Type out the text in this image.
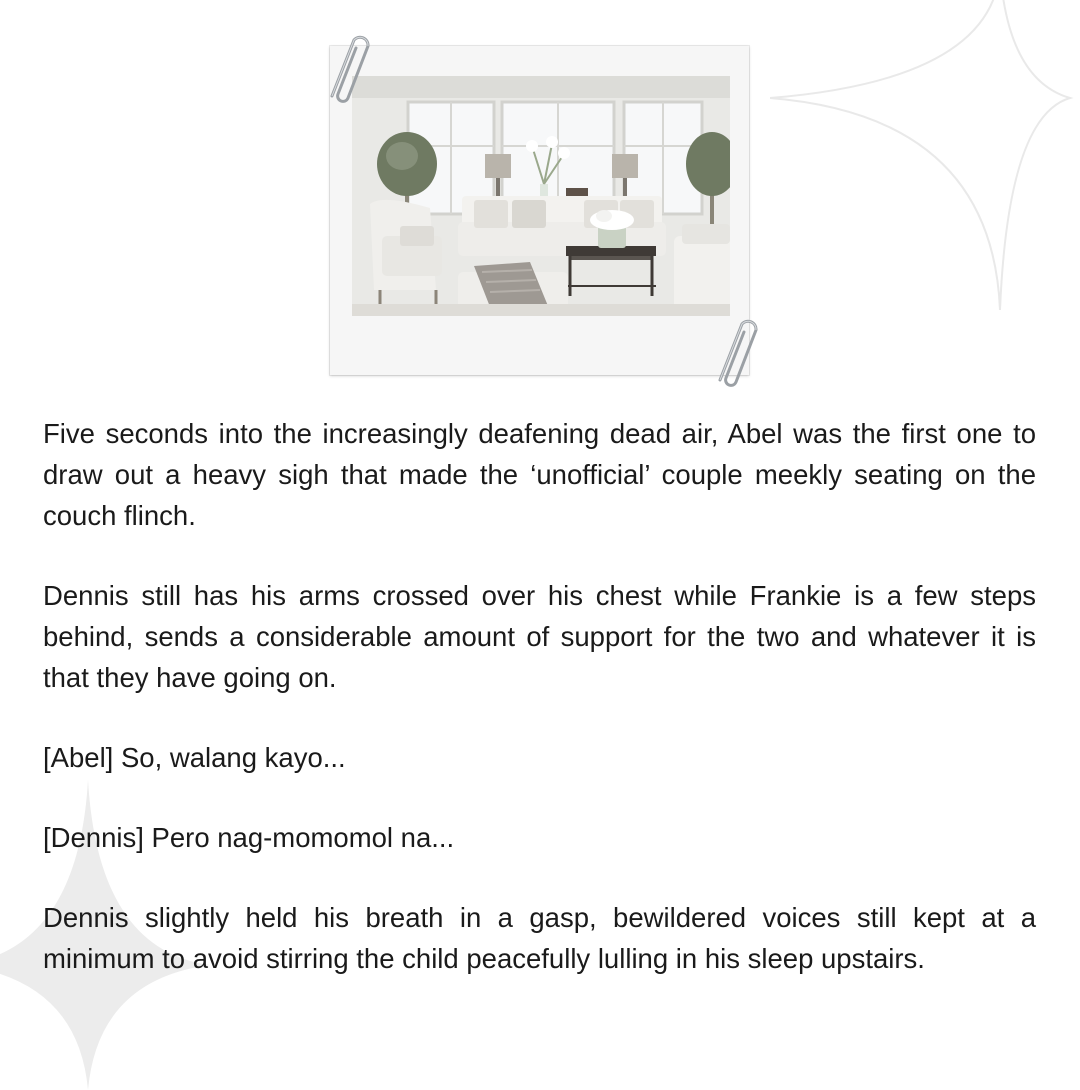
Five seconds into the increasingly deafening dead air, Abel was the first one to draw out a heavy sigh that made the ‘unofficial’ couple meekly seating on the couch flinch.

Dennis still has his arms crossed over his chest while Frankie is a few steps behind, sends a considerable amount of support for the two and whatever it is that they have going on.

[Abel] So, walang kayo...

[Dennis] Pero nag-momomol na...

Dennis slightly held his breath in a gasp, bewildered voices still kept at a minimum to avoid stirring the child peacefully lulling in his sleep upstairs.
